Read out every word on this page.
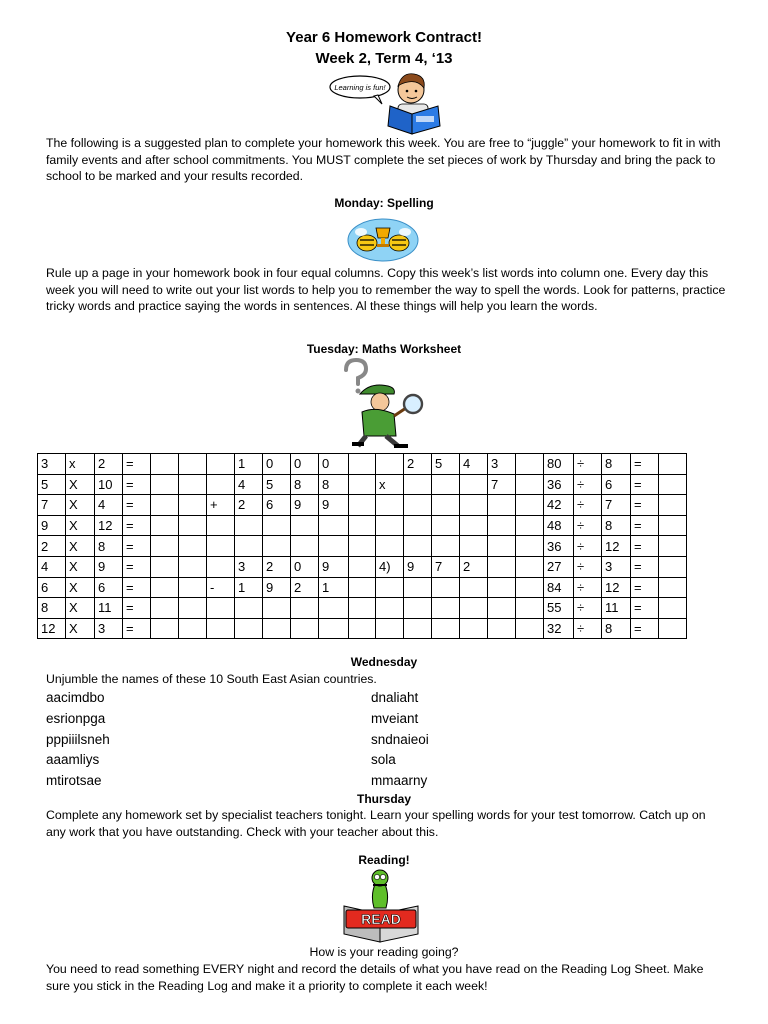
Year 6 Homework Contract!
Week 2, Term 4, ‘13
Learning is fun!
The following is a suggested plan to complete your homework this week. You are free to “juggle” your homework to fit in with family events and after school commitments. You MUST complete the set pieces of work by Thursday and bring the pack to school to be marked and your results recorded.
Monday: Spelling
Rule up a page in your homework book in four equal columns. Copy this week’s list words into column one. Every day this week you will need to write out your list words to help you to remember the way to spell the words. Look for patterns, practice tricky words and practice saying the words in sentences. Al these things will help you learn the words.
Tuesday: Maths Worksheet
3	x	2	=				1	0	0	0			2	5	4	3		80	÷	8	=	
5	X	10	=				4	5	8	8		x				7		36	÷	6	=	
7	X	4	=			+	2	6	9	9								42	÷	7	=	
9	X	12	=															48	÷	8	=	
2	X	8	=															36	÷	12	=	
4	X	9	=				3	2	0	9		4)	9	7	2			27	÷	3	=	
6	X	6	=			-	1	9	2	1								84	÷	12	=	
8	X	11	=															55	÷	11	=	
12	X	3	=															32	÷	8	=	
Wednesday
Unjumble the names of these 10 South East Asian countries.
aacimdbo
esrionpga
pppiiilsneh
aaamliys
mtirotsae
dnaliaht
mveiant
sndnaieoi
sola
mmaarny
Thursday
Complete any homework set by specialist teachers tonight. Learn your spelling words for your test tomorrow. Catch up on any work that you have outstanding. Check with your teacher about this.
Reading!
READ
How is your reading going?
You need to read something EVERY night and record the details of what you have read on the Reading Log Sheet. Make sure you stick in the Reading Log and make it a priority to complete it each week!
